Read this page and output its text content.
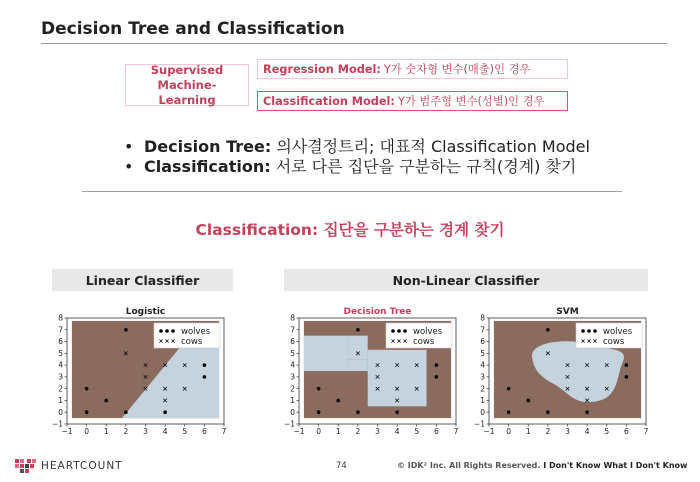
Decision Tree and Classification
Supervised Machine-Learning
Regression Model: Y가 숫자형 변수(매출)인 경우
Classification Model: Y가 범주형 변수(성별)인 경우
• Decision Tree: 의사결정트리; 대표적 Classification Model
• Classification: 서로 다른 집단을 구분하는 규칙(경계) 찾기
Classification: 집단을 구분하는 경계 찾기
Linear Classifier	Non-Linear Classifier
−1 0 1 2 3 4 5 6 7
−1
0
1
2
3
4
5
6
7
8
Logistic
wolves
cows
−1 0 1 2 3 4 5 6 7
−1
0
1
2
3
4
5
6
7
8
Decision Tree
wolves
cows
−1 0 1 2 3 4 5 6 7
−1
0
1
2
3
4
5
6
7
8
SVM
wolves
cows
HEARTCOUNT	74	© IDK² Inc. All Rights Reserved. I Don't Know What I Don't Know
